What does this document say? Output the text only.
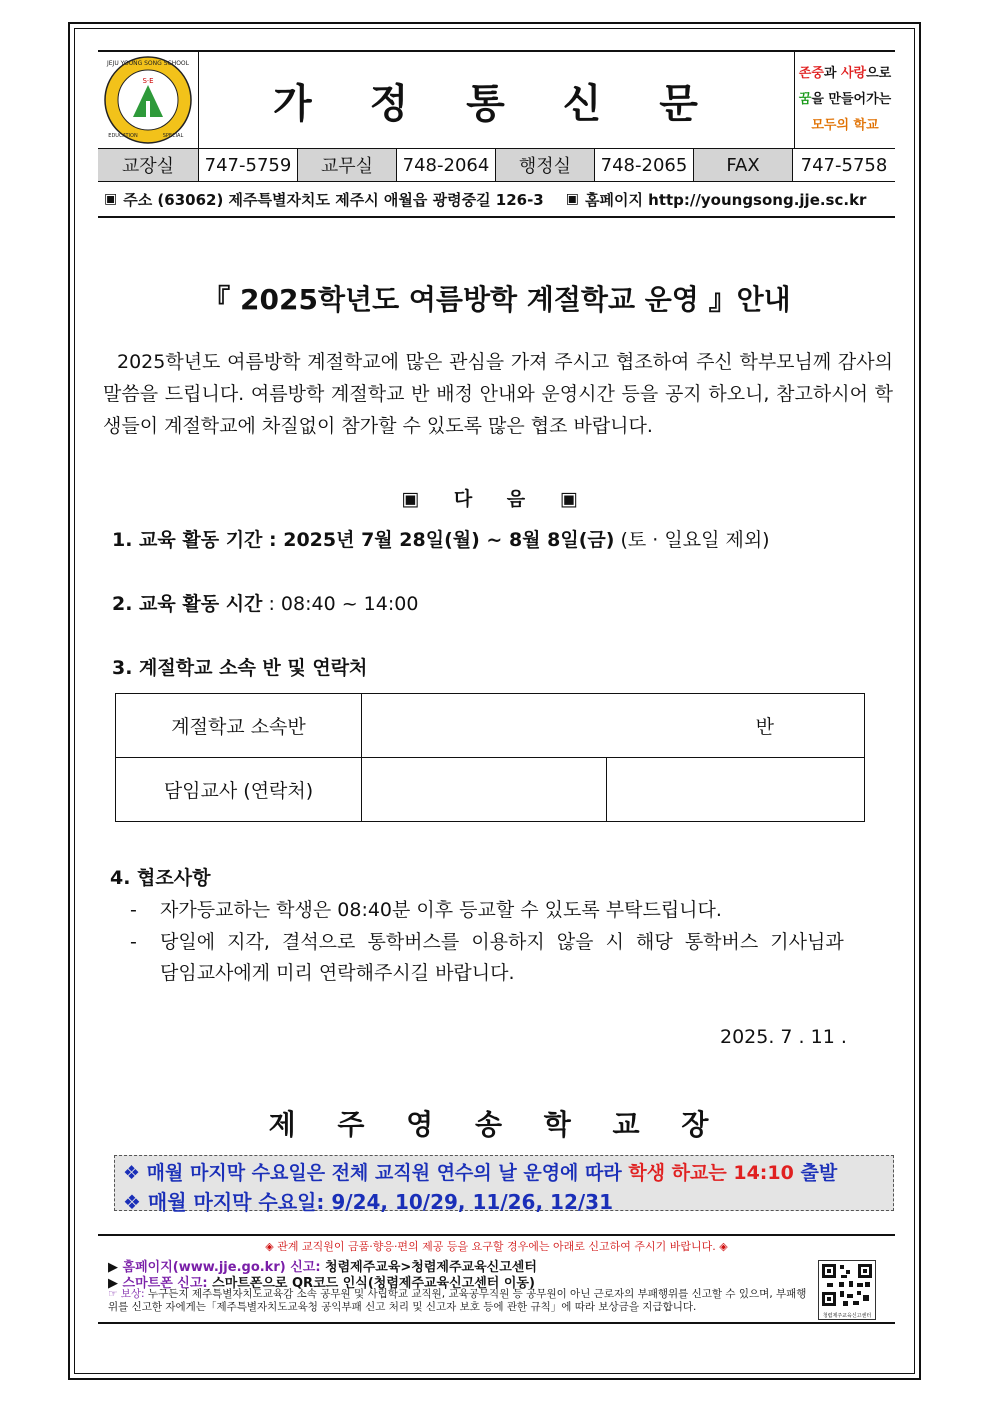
S·E
JEJU YOUNG SONG SCHOOL
EDUCATION	SPECIAL
가 정 통 신 문
존중과 사랑으로
꿈을 만들어가는
모두의 학교
교장실	747-5759	교무실	748-2064	행정실	748-2065	FAX	747-5758
▣ 주소 (63062) 제주특별자치도 제주시 애월읍 광령중길 126-3 ▣ 홈페이지 http://youngsong.jje.sc.kr
『 2025학년도 여름방학 계절학교 운영 』안내

2025학년도 여름방학 계절학교에 많은 관심을 가져 주시고 협조하여 주신 학부모님께 감사의 말씀을 드립니다. 여름방학 계절학교 반 배정 안내와 운영시간 등을 공지 하오니, 참고하시어 학생들이 계절학교에 차질없이 참가할 수 있도록 많은 협조 바랍니다.

▣ 다 음 ▣
1. 교육 활동 기간 : 2025년 7월 28일(월) ~ 8월 8일(금) (토 · 일요일 제외)
2. 교육 활동 시간 : 08:40 ~ 14:00
3. 계절학교 소속 반 및 연락처
계절학교 소속반	반	
담임교사 (연락처)		
4. 협조사항
- 자가등교하는 학생은 08:40분 이후 등교할 수 있도록 부탁드립니다.
- 당일에  지각,  결석으로  통학버스를  이용하지  않을  시  해당  통학버스  기사님과
담임교사에게 미리 연락해주시길 바랍니다.
2025. 7 . 11 .
제 주 영 송 학 교 장
❖ 매월 마지막 수요일은 전체 교직원 연수의 날 운영에 따라 학생 하교는 14:10 출발
❖ 매월 마지막 수요일: 9/24, 10/29, 11/26, 12/31
◈ 관계 교직원이 금품·향응·편의 제공 등을 요구할 경우에는 아래로 신고하여 주시기 바랍니다. ◈
▶ 홈페이지(www.jje.go.kr) 신고: 청렴제주교육>청렴제주교육신고센터
▶ 스마트폰 신고: 스마트폰으로 QR코드 인식(청렴제주교육신고센터 이동)
☞ 보상: 누구든지 제주특별자치도교육감 소속 공무원 및 사립학교 교직원, 교육공무직원 등 공무원이 아닌 근로자의 부패행위를 신고할 수 있으며, 부패행위를 신고한 자에게는「제주특별자치도교육청 공익부패 신고 처리 및 신고자 보호 등에 관한 규칙」에 따라 보상금을 지급합니다.
청렴제주교육신고센터
